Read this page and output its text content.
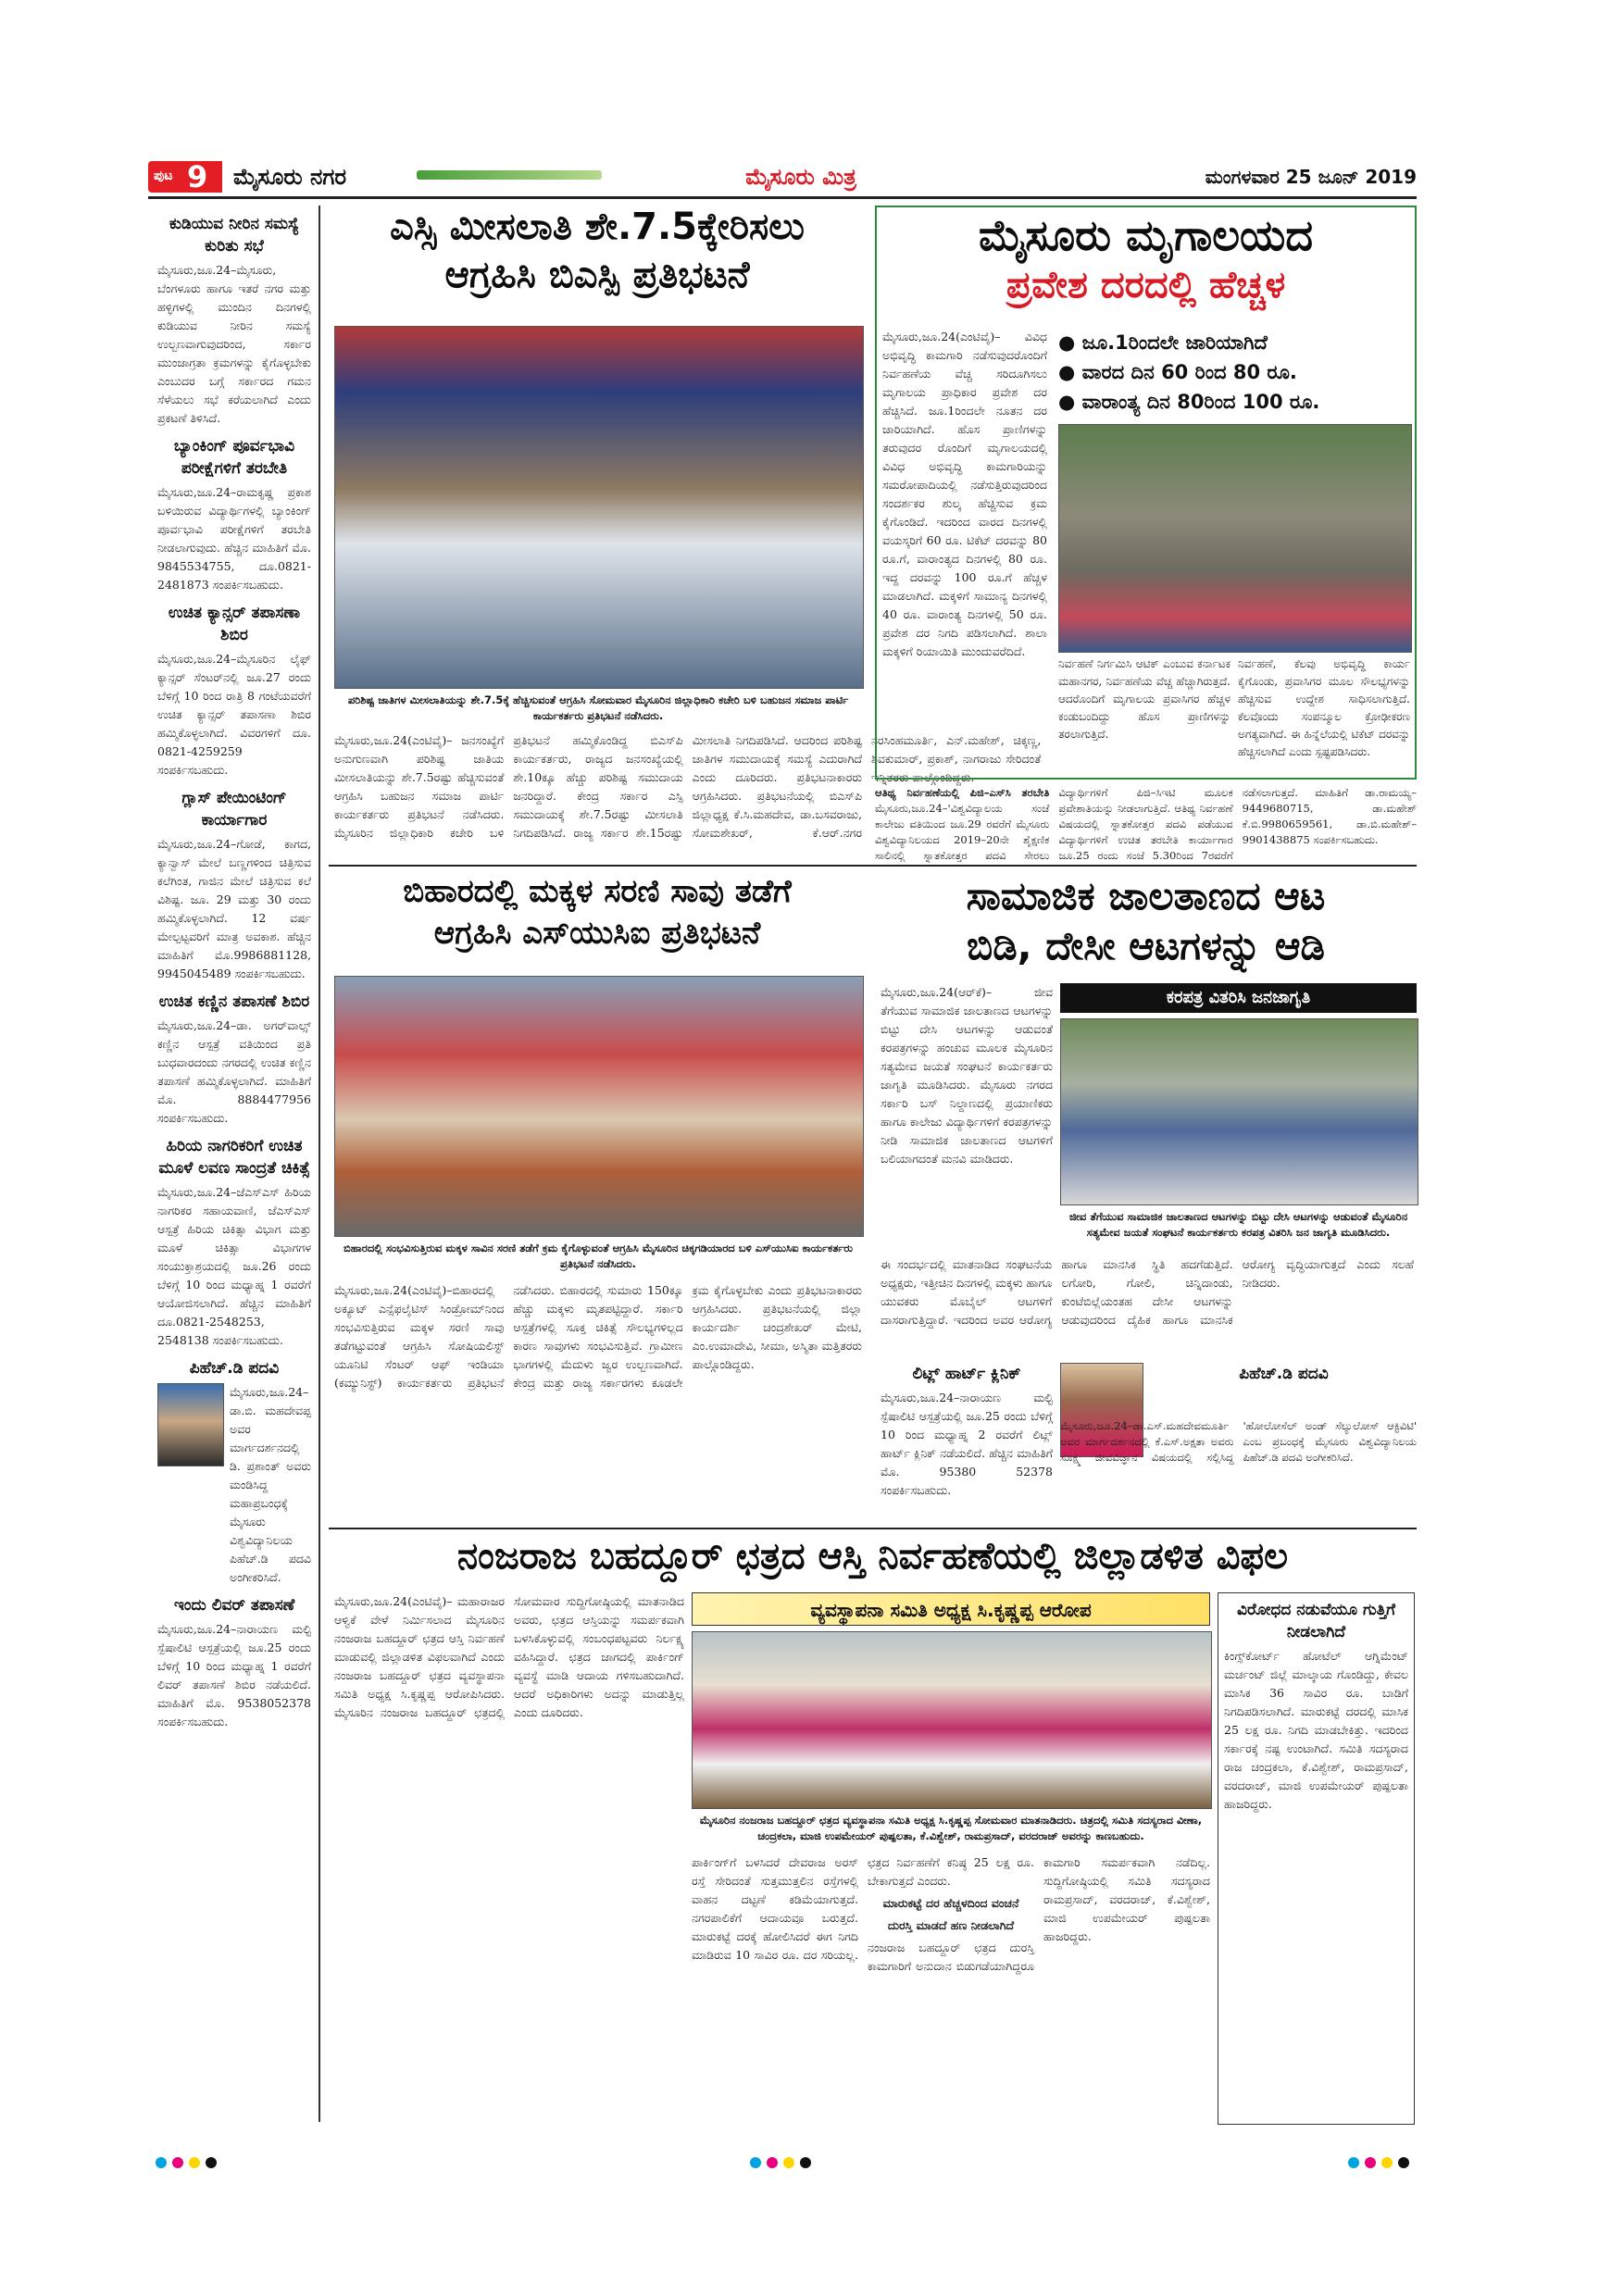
ಪುಟ 9 ಮೈಸೂರು ನಗರ	ಮೈಸೂರು ಮಿತ್ರ	ಮಂಗಳವಾರ 25 ಜೂನ್ 2019
ಕುಡಿಯುವ ನೀರಿನ ಸಮಸ್ಯೆ ಕುರಿತು ಸಭೆ
ಮೈಸೂರು,ಜೂ.24–ಮೈಸೂರು, ಬೆಂಗಳೂರು ಹಾಗೂ ಇತರೆ ನಗರ ಮತ್ತು ಹಳ್ಳಿಗಳಲ್ಲಿ ಮುಂದಿನ ದಿನಗಳಲ್ಲಿ ಕುಡಿಯುವ ನೀರಿನ ಸಮಸ್ಯೆ ಉಲ್ಬಣವಾಗುವುದರಿಂದ, ಸರ್ಕಾರ ಮುಂಜಾಗ್ರತಾ ಕ್ರಮಗಳನ್ನು ಕೈಗೊಳ್ಳಬೇಕು ಎಂಬುದರ ಬಗ್ಗೆ ಸರ್ಕಾರದ ಗಮನ ಸೆಳೆಯಲು ಸಭೆ ಕರೆಯಲಾಗಿದೆ ಎಂದು ಪ್ರಕಟಣೆ ತಿಳಿಸಿದೆ.
ಬ್ಯಾಂಕಿಂಗ್ ಪೂರ್ವಭಾವಿ ಪರೀಕ್ಷೆಗಳಿಗೆ ತರಬೇತಿ
ಮೈಸೂರು,ಜೂ.24–ರಾಮಕೃಷ್ಣ ಪ್ರಕಾಶ ಬಳಿಯಿರುವ ವಿದ್ಯಾರ್ಥಿಗಳಲ್ಲಿ ಬ್ಯಾಂಕಿಂಗ್ ಪೂರ್ವಭಾವಿ ಪರೀಕ್ಷೆಗಳಿಗೆ ತರಬೇತಿ ನೀಡಲಾಗುವುದು. ಹೆಚ್ಚಿನ ಮಾಹಿತಿಗೆ ಮೊ. 9845534755, ದೂ.0821-2481873 ಸಂಪರ್ಕಿಸಬಹುದು.
ಉಚಿತ ಕ್ಯಾನ್ಸರ್ ತಪಾಸಣಾ ಶಿಬಿರ
ಮೈಸೂರು,ಜೂ.24–ಮೈಸೂರಿನ ಲೈಫ್ ಕ್ಯಾನ್ಸರ್ ಸೆಂಟರ್‌ನಲ್ಲಿ ಜೂ.27 ರಂದು ಬೆಳಿಗ್ಗೆ 10 ರಿಂದ ರಾತ್ರಿ 8 ಗಂಟೆಯವರೆಗೆ ಉಚಿತ ಕ್ಯಾನ್ಸರ್ ತಪಾಸಣಾ ಶಿಬಿರ ಹಮ್ಮಿಕೊಳ್ಳಲಾಗಿದೆ. ವಿವರಗಳಿಗೆ ದೂ. 0821-4259259 ಸಂಪರ್ಕಿಸಬಹುದು.
ಗ್ಲಾಸ್ ಪೇಯಿಂಟಿಂಗ್ ಕಾರ್ಯಾಗಾರ
ಮೈಸೂರು,ಜೂ.24–ಗೋಡೆ, ಕಾಗದ, ಕ್ಯಾನ್ವಾಸ್ ಮೇಲೆ ಬಣ್ಣಗಳಿಂದ ಚಿತ್ರಿಸುವ ಕಲೆಗಿಂತ, ಗಾಜಿನ ಮೇಲೆ ಚಿತ್ರಿಸುವ ಕಲೆ ವಿಶಿಷ್ಟ. ಜೂ. 29 ಮತ್ತು 30 ರಂದು ಹಮ್ಮಿಕೊಳ್ಳಲಾಗಿದೆ. 12 ವರ್ಷ ಮೇಲ್ಪಟ್ಟವರಿಗೆ ಮಾತ್ರ ಅವಕಾಶ. ಹೆಚ್ಚಿನ ಮಾಹಿತಿಗೆ ಮೊ.9986881128, 9945045489 ಸಂಪರ್ಕಿಸಬಹುದು.
ಉಚಿತ ಕಣ್ಣಿನ ತಪಾಸಣೆ ಶಿಬಿರ
ಮೈಸೂರು,ಜೂ.24–ಡಾ. ಅಗರ್‌ವಾಲ್ಸ್ ಕಣ್ಣಿನ ಆಸ್ಪತ್ರೆ ವತಿಯಿಂದ ಪ್ರತಿ ಬುಧವಾರದಂದು ನಗರದಲ್ಲಿ ಉಚಿತ ಕಣ್ಣಿನ ತಪಾಸಣೆ ಹಮ್ಮಿಕೊಳ್ಳಲಾಗಿದೆ. ಮಾಹಿತಿಗೆ ಮೊ. 8884477956 ಸಂಪರ್ಕಿಸಬಹುದು.
ಹಿರಿಯ ನಾಗರಿಕರಿಗೆ ಉಚಿತ ಮೂಳೆ ಲವಣ ಸಾಂದ್ರತೆ ಚಿಕಿತ್ಸೆ
ಮೈಸೂರು,ಜೂ.24–ಜೆಎಸ್‌ಎಸ್ ಹಿರಿಯ ನಾಗರಿಕರ ಸಹಾಯವಾಣಿ, ಜೆಎಸ್‌ಎಸ್ ಆಸ್ಪತ್ರೆ ಹಿರಿಯ ಚಿಕಿತ್ಸಾ ವಿಭಾಗ ಮತ್ತು ಮೂಳೆ ಚಿಕಿತ್ಸಾ ವಿಭಾಗಗಳ ಸಂಯುಕ್ತಾಶ್ರಯದಲ್ಲಿ ಜೂ.26 ರಂದು ಬೆಳಿಗ್ಗೆ 10 ರಿಂದ ಮಧ್ಯಾಹ್ನ 1 ರವರೆಗೆ ಆಯೋಜಿಸಲಾಗಿದೆ. ಹೆಚ್ಚಿನ ಮಾಹಿತಿಗೆ ದೂ.0821-2548253, 2548138 ಸಂಪರ್ಕಿಸಬಹುದು.
ಪಿಹೆಚ್.ಡಿ ಪದವಿ
ಮೈಸೂರು,ಜೂ.24–ಡಾ.ಬಿ. ಮಹದೇವಪ್ಪ ಅವರ ಮಾರ್ಗದರ್ಶನದಲ್ಲಿ ಡಿ. ಪ್ರಶಾಂತ್ ಅವರು ಮಂಡಿಸಿದ್ದ ಮಹಾಪ್ರಬಂಧಕ್ಕೆ ಮೈಸೂರು ವಿಶ್ವವಿದ್ಯಾನಿಲಯ ಪಿಹೆಚ್.ಡಿ ಪದವಿ ಅಂಗೀಕರಿಸಿದೆ.
ಇಂದು ಲಿವರ್ ತಪಾಸಣೆ
ಮೈಸೂರು,ಜೂ.24–ನಾರಾಯಣ ಮಲ್ಟಿ ಸ್ಪೆಷಾಲಿಟಿ ಆಸ್ಪತ್ರೆಯಲ್ಲಿ ಜೂ.25 ರಂದು ಬೆಳಿಗ್ಗೆ 10 ರಿಂದ ಮಧ್ಯಾಹ್ನ 1 ರವರೆಗೆ ಲಿವರ್ ತಪಾಸಣೆ ಶಿಬಿರ ನಡೆಯಲಿದೆ. ಮಾಹಿತಿಗೆ ಮೊ. 9538052378 ಸಂಪರ್ಕಿಸಬಹುದು.
ಎಸ್ಸಿ ಮೀಸಲಾತಿ ಶೇ.7.5ಕ್ಕೇರಿಸಲು
ಆಗ್ರಹಿಸಿ ಬಿಎಸ್ಪಿ ಪ್ರತಿಭಟನೆ
ಪರಿಶಿಷ್ಟ ಜಾತಿಗಳ ಮೀಸಲಾತಿಯನ್ನು ಶೇ.7.5ಕ್ಕೆ ಹೆಚ್ಚಿಸುವಂತೆ ಆಗ್ರಹಿಸಿ ಸೋಮವಾರ ಮೈಸೂರಿನ ಜಿಲ್ಲಾಧಿಕಾರಿ ಕಚೇರಿ ಬಳಿ ಬಹುಜನ ಸಮಾಜ ಪಾರ್ಟಿ ಕಾರ್ಯಕರ್ತರು ಪ್ರತಿಭಟನೆ ನಡೆಸಿದರು.
ಮೈಸೂರು,ಜೂ.24(ಎಂಟಿವೈ)– ಜನಸಂಖ್ಯೆಗೆ ಅನುಗುಣವಾಗಿ ಪರಿಶಿಷ್ಟ ಜಾತಿಯ ಮೀಸಲಾತಿಯನ್ನು ಶೇ.7.5ರಷ್ಟು ಹೆಚ್ಚಿಸುವಂತೆ ಆಗ್ರಹಿಸಿ ಬಹುಜನ ಸಮಾಜ ಪಾರ್ಟಿ ಕಾರ್ಯಕರ್ತರು ಪ್ರತಿಭಟನೆ ನಡೆಸಿದರು. ಮೈಸೂರಿನ ಜಿಲ್ಲಾಧಿಕಾರಿ ಕಚೇರಿ ಬಳಿ ಪ್ರತಿಭಟನೆ ಹಮ್ಮಿಕೊಂಡಿದ್ದ ಬಿಎಸ್‌ಪಿ ಕಾರ್ಯಕರ್ತರು, ರಾಜ್ಯದ ಜನಸಂಖ್ಯೆಯಲ್ಲಿ ಶೇ.10ಕ್ಕೂ ಹೆಚ್ಚು ಪರಿಶಿಷ್ಟ ಸಮುದಾಯ ಜನರಿದ್ದಾರೆ. ಕೇಂದ್ರ ಸರ್ಕಾರ ಎಸ್ಸಿ ಸಮುದಾಯಕ್ಕೆ ಶೇ.7.5ರಷ್ಟು ಮೀಸಲಾತಿ ನಿಗದಿಪಡಿಸಿದೆ. ರಾಜ್ಯ ಸರ್ಕಾರ ಶೇ.15ರಷ್ಟು ಮೀಸಲಾತಿ ನಿಗದಿಪಡಿಸಿದೆ. ಆದರಿಂದ ಪರಿಶಿಷ್ಟ ಜಾತಿಗಳ ಸಮುದಾಯಕ್ಕೆ ಸಮಸ್ಯೆ ಎದುರಾಗಿದೆ ಎಂದು ದೂರಿದರು. ಪ್ರತಿಭಟನಾಕಾರರು ಆಗ್ರಹಿಸಿದರು. ಪ್ರತಿಭಟನೆಯಲ್ಲಿ ಬಿಎಸ್‌ಪಿ ಜಿಲ್ಲಾಧ್ಯಕ್ಷ ಕೆ.ಸಿ.ಮಹದೇವ, ಡಾ.ಬಸವರಾಜು, ಸೋಮಶೇಖರ್, ಕೆ.ಆರ್.ನಗರ ನರಸಿಂಹಮೂರ್ತಿ, ಎನ್.ಮಹೇಶ್, ಚಿಕ್ಕಣ್ಣ, ಶಿವಕುಮಾರ್, ಪ್ರಕಾಶ್, ನಾಗರಾಜು ಸೇರಿದಂತೆ ಇನ್ನಿತರರು ಪಾಲ್ಗೊಂಡಿದ್ದರು.
ಮೈಸೂರು ಮೃಗಾಲಯದ
ಪ್ರವೇಶ ದರದಲ್ಲಿ ಹೆಚ್ಚಳ
ಮೈಸೂರು,ಜೂ.24(ಎಂಟಿವೈ)– ವಿವಿಧ ಅಭಿವೃದ್ಧಿ ಕಾಮಗಾರಿ ನಡೆಸುವುದರೊಂದಿಗೆ ನಿರ್ವಹಣೆಯ ವೆಚ್ಚ ಸರಿದೂಗಿಸಲು ಮೃಗಾಲಯ ಪ್ರಾಧಿಕಾರ ಪ್ರವೇಶ ದರ ಹೆಚ್ಚಿಸಿದೆ. ಜೂ.1ರಿಂದಲೇ ನೂತನ ದರ ಜಾರಿಯಾಗಿದೆ. ಹೊಸ ಪ್ರಾಣಿಗಳನ್ನು ತರುವುದರ ರೊಂದಿಗೆ ಮೃಗಾಲಯದಲ್ಲಿ ವಿವಿಧ ಅಭಿವೃದ್ಧಿ ಕಾಮಗಾರಿಯನ್ನು ಸಮರೋಪಾದಿಯಲ್ಲಿ ನಡೆಸುತ್ತಿರುವುದರಿಂದ ಸಂದರ್ಶಕರ ಶುಲ್ಕ ಹೆಚ್ಚಿಸುವ ಕ್ರಮ ಕೈಗೊಂಡಿದೆ. ಇದರಿಂದ ವಾರದ ದಿನಗಳಲ್ಲಿ ವಯಸ್ಕರಿಗೆ 60 ರೂ. ಟಿಕೆಟ್ ದರವನ್ನು 80 ರೂ.ಗೆ, ವಾರಾಂತ್ಯದ ದಿನಗಳಲ್ಲಿ 80 ರೂ. ಇದ್ದ ದರವನ್ನು 100 ರೂ.ಗೆ ಹೆಚ್ಚಳ ಮಾಡಲಾಗಿದೆ. ಮಕ್ಕಳಿಗೆ ಸಾಮಾನ್ಯ ದಿನಗಳಲ್ಲಿ 40 ರೂ. ವಾರಾಂತ್ಯ ದಿನಗಳಲ್ಲಿ 50 ರೂ. ಪ್ರವೇಶ ದರ ನಿಗದಿ ಪಡಿಸಲಾಗಿದೆ. ಶಾಲಾ ಮಕ್ಕಳಿಗೆ ರಿಯಾಯಿತಿ ಮುಂದುವರೆದಿದೆ.
● ಜೂ.1ರಿಂದಲೇ ಜಾರಿಯಾಗಿದೆ
● ವಾರದ ದಿನ 60 ರಿಂದ 80 ರೂ.
● ವಾರಾಂತ್ಯ ದಿನ 80ರಿಂದ 100 ರೂ.
ನಿರ್ವಹಣೆ ನಿರ್ಗಮಿಸಿ ಆಟಿಕ್ ಎಂಬುವ ಕರ್ನಾಟಕ ಮಹಾನಗರ, ನಿರ್ವಹಣೆಯ ವೆಚ್ಚ ಹೆಚ್ಚಾಗಿರುತ್ತದೆ. ಆದರೊಂದಿಗೆ ಮೃಗಾಲಯ ಪ್ರವಾಸಿಗರ ಹೆಚ್ಚಳ ಕಂಡುಬಂದಿದ್ದು ಹೊಸ ಪ್ರಾಣಿಗಳನ್ನು ತರಲಾಗುತ್ತಿದೆ.
ನಿರ್ವಹಣೆ, ಕೆಲವು ಅಭಿವೃದ್ಧಿ ಕಾರ್ಯ ಕೈಗೊಂಡು, ಪ್ರವಾಸಿಗರ ಮೂಲ ಸೌಲಭ್ಯಗಳನ್ನು ಹೆಚ್ಚಿಸುವ ಉದ್ದೇಶ ಸಾಧಿಸಲಾಗುತ್ತಿದೆ. ಕೆಲವೊಂದು ಸಂಪನ್ಮೂಲ ಕ್ರೋಢೀಕರಣ ಅಗತ್ಯವಾಗಿದೆ. ಈ ಹಿನ್ನೆಲೆಯಲ್ಲಿ ಟಿಕೆಟ್ ದರವನ್ನು ಹೆಚ್ಚಿಸಲಾಗಿದೆ ಎಂದು ಸ್ಪಷ್ಟಪಡಿಸಿದರು.
ಆತಿಥ್ಯ ನಿರ್ವಹಣೆಯಲ್ಲಿ ಪಿಜಿ–ಎಸ್‌ಸಿ ತರಬೇತಿ ಮೈಸೂರು,ಜೂ.24–'ವಿಶ್ವವಿದ್ಯಾಲಯ ಸಂಜೆ ಕಾಲೇಜು ವತಿಯಿಂದ ಜೂ.29 ರವರೆಗೆ ಮೈಸೂರು ವಿಶ್ವವಿದ್ಯಾನಿಲಯದ 2019–20ನೇ ಶೈಕ್ಷಣಿಕ ಸಾಲಿನಲ್ಲಿ ಸ್ನಾತಕೋತ್ತರ ಪದವಿ ಸೇರಲು ವಿದ್ಯಾರ್ಥಿಗಳಿಗೆ ಪಿಜಿ–ಸಿಇಟಿ ಮೂಲಕ ಪ್ರವೇಶಾತಿಯನ್ನು ನೀಡಲಾಗುತ್ತಿದೆ. ಆತಿಥ್ಯ ನಿರ್ವಹಣೆ ವಿಷಯದಲ್ಲಿ ಸ್ನಾತಕೋತ್ತರ ಪದವಿ ಪಡೆಯುವ ವಿದ್ಯಾರ್ಥಿಗಳಿಗೆ ಉಚಿತ ತರಬೇತಿ ಕಾರ್ಯಾಗಾರ ಜೂ.25 ರಂದು ಸಂಜೆ 5.30ರಿಂದ 7ರವರೆಗೆ ನಡೆಸಲಾಗುತ್ತದೆ. ಮಾಹಿತಿಗೆ ಡಾ.ರಾಮಯ್ಯ–9449680715, ಡಾ.ಮಹೇಶ್ ಕೆ.ಬಿ.9980659561, ಡಾ.ಬಿ.ಮಹೇಶ್–9901438875 ಸಂಪರ್ಕಿಸಬಹುದು.
ಬಿಹಾರದಲ್ಲಿ ಮಕ್ಕಳ ಸರಣಿ ಸಾವು ತಡೆಗೆ
ಆಗ್ರಹಿಸಿ ಎಸ್‌ಯುಸಿಐ ಪ್ರತಿಭಟನೆ
ಬಿಹಾರದಲ್ಲಿ ಸಂಭವಿಸುತ್ತಿರುವ ಮಕ್ಕಳ ಸಾವಿನ ಸರಣಿ ತಡೆಗೆ ಕ್ರಮ ಕೈಗೊಳ್ಳುವಂತೆ ಆಗ್ರಹಿಸಿ ಮೈಸೂರಿನ ಚಿಕ್ಕಗಡಿಯಾರದ ಬಳಿ ಎಸ್‌ಯುಸಿಐ ಕಾರ್ಯಕರ್ತರು ಪ್ರತಿಭಟನೆ ನಡೆಸಿದರು.
ಮೈಸೂರು,ಜೂ.24(ಎಂಟಿವೈ)–ಬಿಹಾರದಲ್ಲಿ ಅಕ್ಯೂಟ್ ಎನ್ಸೆಫಲೈಟಿಸ್ ಸಿಂಡ್ರೋಮ್‌ನಿಂದ ಸಂಭವಿಸುತ್ತಿರುವ ಮಕ್ಕಳ ಸರಣಿ ಸಾವು ತಡೆಗಟ್ಟುವಂತೆ ಆಗ್ರಹಿಸಿ ಸೋಷಿಯಲಿಸ್ಟ್ ಯೂನಿಟಿ ಸೆಂಟರ್ ಆಫ್ ಇಂಡಿಯಾ (ಕಮ್ಯುನಿಸ್ಟ್) ಕಾರ್ಯಕರ್ತರು ಪ್ರತಿಭಟನೆ ನಡೆಸಿದರು. ಬಿಹಾರದಲ್ಲಿ ಸುಮಾರು 150ಕ್ಕೂ ಹೆಚ್ಚು ಮಕ್ಕಳು ಮೃತಪಟ್ಟಿದ್ದಾರೆ. ಸರ್ಕಾರಿ ಆಸ್ಪತ್ರೆಗಳಲ್ಲಿ ಸೂಕ್ತ ಚಿಕಿತ್ಸೆ ಸೌಲಭ್ಯಗಳಿಲ್ಲದ ಕಾರಣ ಸಾವುಗಳು ಸಂಭವಿಸುತ್ತಿವೆ. ಗ್ರಾಮೀಣ ಭಾಗಗಳಲ್ಲಿ ಮೆದುಳು ಜ್ವರ ಉಲ್ಬಣವಾಗಿದೆ. ಕೇಂದ್ರ ಮತ್ತು ರಾಜ್ಯ ಸರ್ಕಾರಗಳು ಕೂಡಲೇ ಕ್ರಮ ಕೈಗೊಳ್ಳಬೇಕು ಎಂದು ಪ್ರತಿಭಟನಾಕಾರರು ಆಗ್ರಹಿಸಿದರು. ಪ್ರತಿಭಟನೆಯಲ್ಲಿ ಜಿಲ್ಲಾ ಕಾರ್ಯದರ್ಶಿ ಚಂದ್ರಶೇಖರ್ ಮೇಟಿ, ಎಂ.ಉಮಾದೇವಿ, ಸೀಮಾ, ಅಸ್ಮಿತಾ ಮತ್ತಿತರರು ಪಾಲ್ಗೊಂಡಿದ್ದರು.
ಸಾಮಾಜಿಕ ಜಾಲತಾಣದ ಆಟ
ಬಿಡಿ, ದೇಸೀ ಆಟಗಳನ್ನು ಆಡಿ
ಕರಪತ್ರ ವಿತರಿಸಿ ಜನಜಾಗೃತಿ
ಮೈಸೂರು,ಜೂ.24(ಆರ್‌ಕೆ)– ಜೀವ ತೆಗೆಯುವ ಸಾಮಾಜಿಕ ಜಾಲತಾಣದ ಆಟಗಳನ್ನು ಬಿಟ್ಟು ದೇಸಿ ಆಟಗಳನ್ನು ಆಡುವಂತೆ ಕರಪತ್ರಗಳನ್ನು ಹಂಚುವ ಮೂಲಕ ಮೈಸೂರಿನ ಸತ್ಯಮೇವ ಜಯತೆ ಸಂಘಟನೆ ಕಾರ್ಯಕರ್ತರು ಜಾಗೃತಿ ಮೂಡಿಸಿದರು. ಮೈಸೂರು ನಗರದ ಸರ್ಕಾರಿ ಬಸ್ ನಿಲ್ದಾಣದಲ್ಲಿ ಪ್ರಯಾಣಿಕರು ಹಾಗೂ ಕಾಲೇಜು ವಿದ್ಯಾರ್ಥಿಗಳಿಗೆ ಕರಪತ್ರಗಳನ್ನು ನೀಡಿ ಸಾಮಾಜಿಕ ಜಾಲತಾಣದ ಆಟಗಳಿಗೆ ಬಲಿಯಾಗದಂತೆ ಮನವಿ ಮಾಡಿದರು.
ಜೀವ ತೆಗೆಯುವ ಸಾಮಾಜಿಕ ಜಾಲತಾಣದ ಆಟಗಳನ್ನು ಬಿಟ್ಟು ದೇಸಿ ಆಟಗಳನ್ನು ಆಡುವಂತೆ ಮೈಸೂರಿನ ಸತ್ಯಮೇವ ಜಯತೆ ಸಂಘಟನೆ ಕಾರ್ಯಕರ್ತರು ಕರಪತ್ರ ವಿತರಿಸಿ ಜನ ಜಾಗೃತಿ ಮೂಡಿಸಿದರು.
ಈ ಸಂದರ್ಭದಲ್ಲಿ ಮಾತನಾಡಿದ ಸಂಘಟನೆಯ ಅಧ್ಯಕ್ಷರು, ಇತ್ತೀಚಿನ ದಿನಗಳಲ್ಲಿ ಮಕ್ಕಳು ಹಾಗೂ ಯುವಕರು ಮೊಬೈಲ್ ಆಟಗಳಿಗೆ ದಾಸರಾಗುತ್ತಿದ್ದಾರೆ. ಇದರಿಂದ ಅವರ ಆರೋಗ್ಯ ಹಾಗೂ ಮಾನಸಿಕ ಸ್ಥಿತಿ ಹದಗೆಡುತ್ತಿದೆ. ಲಗೋರಿ, ಗೋಲಿ, ಚಿನ್ನಿದಾಂಡು, ಕುಂಟೆಬಿಲ್ಲೆಯಂತಹ ದೇಸೀ ಆಟಗಳನ್ನು ಆಡುವುದರಿಂದ ದೈಹಿಕ ಹಾಗೂ ಮಾನಸಿಕ ಆರೋಗ್ಯ ವೃದ್ಧಿಯಾಗುತ್ತದೆ ಎಂದು ಸಲಹೆ ನೀಡಿದರು.
ಲಿಟ್ಲ್ ಹಾರ್ಟ್ ಕ್ಲಿನಿಕ್
ಮೈಸೂರು,ಜೂ.24–ನಾರಾಯಣ ಮಲ್ಟಿ ಸ್ಪೆಷಾಲಿಟಿ ಆಸ್ಪತ್ರೆಯಲ್ಲಿ ಜೂ.25 ರಂದು ಬೆಳಿಗ್ಗೆ 10 ರಿಂದ ಮಧ್ಯಾಹ್ನ 2 ರವರೆಗೆ ಲಿಟ್ಲ್ ಹಾರ್ಟ್ ಕ್ಲಿನಿಕ್ ನಡೆಯಲಿದೆ. ಹೆಚ್ಚಿನ ಮಾಹಿತಿಗೆ ಮೊ. 95380 52378 ಸಂಪರ್ಕಿಸಬಹುದು.
ಪಿಹೆಚ್.ಡಿ ಪದವಿ
ಮೈಸೂರು,ಜೂ.24–ಡಾ.ಎಸ್.ಮಹದೇವಮೂರ್ತಿ ಅವರ ಮಾರ್ಗದರ್ಶನದಲ್ಲಿ ಕೆ.ಎಸ್.ಅಕ್ಷತಾ ಅವರು ಸೂಕ್ಷ್ಮ ಜೀವವಿಜ್ಞಾನ ವಿಷಯದಲ್ಲಿ ಸಲ್ಲಿಸಿದ್ದ 'ಹೋಲೋಸೆಲ್ ಅಂಡ್ ಸೆಲ್ಯುಲೋಸ್ ಆಕ್ಟಿವಿಟಿ' ಎಂಬ ಪ್ರಬಂಧಕ್ಕೆ ಮೈಸೂರು ವಿಶ್ವವಿದ್ಯಾನಿಲಯ ಪಿಹೆಚ್.ಡಿ ಪದವಿ ಅಂಗೀಕರಿಸಿದೆ.
ನಂಜರಾಜ ಬಹದ್ದೂರ್ ಛತ್ರದ ಆಸ್ತಿ ನಿರ್ವಹಣೆಯಲ್ಲಿ ಜಿಲ್ಲಾಡಳಿತ ವಿಫಲ
ಮೈಸೂರು,ಜೂ.24(ಎಂಟಿವೈ)– ಮಹಾರಾಜರ ಆಳ್ವಿಕೆ ವೇಳೆ ನಿರ್ಮಿಸಲಾದ ಮೈಸೂರಿನ ನಂಜರಾಜ ಬಹದ್ದೂರ್ ಛತ್ರದ ಆಸ್ತಿ ನಿರ್ವಹಣೆ ಮಾಡುವಲ್ಲಿ ಜಿಲ್ಲಾಡಳಿತ ವಿಫಲವಾಗಿದೆ ಎಂದು ನಂಜರಾಜ ಬಹದ್ದೂರ್ ಛತ್ರದ ವ್ಯವಸ್ಥಾಪನಾ ಸಮಿತಿ ಅಧ್ಯಕ್ಷ ಸಿ.ಕೃಷ್ಣಪ್ಪ ಆರೋಪಿಸಿದರು. ಮೈಸೂರಿನ ನಂಜರಾಜ ಬಹದ್ದೂರ್ ಛತ್ರದಲ್ಲಿ ಸೋಮವಾರ ಸುದ್ದಿಗೋಷ್ಠಿಯಲ್ಲಿ ಮಾತನಾಡಿದ ಅವರು, ಛತ್ರದ ಆಸ್ತಿಯನ್ನು ಸಮರ್ಪಕವಾಗಿ ಬಳಸಿಕೊಳ್ಳುವಲ್ಲಿ ಸಂಬಂಧಪಟ್ಟವರು ನಿರ್ಲಕ್ಷ್ಯ ವಹಿಸಿದ್ದಾರೆ. ಛತ್ರದ ಜಾಗದಲ್ಲಿ ಪಾರ್ಕಿಂಗ್ ವ್ಯವಸ್ಥೆ ಮಾಡಿ ಆದಾಯ ಗಳಿಸಬಹುದಾಗಿದೆ. ಆದರೆ ಅಧಿಕಾರಿಗಳು ಅದನ್ನು ಮಾಡುತ್ತಿಲ್ಲ ಎಂದು ದೂರಿದರು.
ವ್ಯವಸ್ಥಾಪನಾ ಸಮಿತಿ ಅಧ್ಯಕ್ಷ ಸಿ.ಕೃಷ್ಣಪ್ಪ ಆರೋಪ
ಮೈಸೂರಿನ ನಂಜರಾಜ ಬಹದ್ದೂರ್ ಛತ್ರದ ವ್ಯವಸ್ಥಾಪನಾ ಸಮಿತಿ ಅಧ್ಯಕ್ಷ ಸಿ.ಕೃಷ್ಣಪ್ಪ ಸೋಮವಾರ ಮಾತನಾಡಿದರು. ಚಿತ್ರದಲ್ಲಿ ಸಮಿತಿ ಸದಸ್ಯರಾದ ವೀಣಾ, ಚಂದ್ರಕಲಾ, ಮಾಜಿ ಉಪಮೇಯರ್ ಪುಷ್ಪಲತಾ, ಕೆ.ವಿಶ್ವೇಶ್, ರಾಮಪ್ರಸಾದ್, ವರದರಾಜ್ ಅವರನ್ನು ಕಾಣಬಹುದು.
ಪಾರ್ಕಿಂಗ್‌ಗೆ ಬಳಸಿದರೆ ದೇವರಾಜ ಅರಸ್ ರಸ್ತೆ ಸೇರಿದಂತೆ ಸುತ್ತಮುತ್ತಲಿನ ರಸ್ತೆಗಳಲ್ಲಿ ವಾಹನ ದಟ್ಟಣೆ ಕಡಿಮೆಯಾಗುತ್ತದೆ. ನಗರಪಾಲಿಕೆಗೆ ಆದಾಯವೂ ಬರುತ್ತದೆ. ಮಾರುಕಟ್ಟೆ ದರಕ್ಕೆ ಹೋಲಿಸಿದರೆ ಈಗ ನಿಗದಿ ಮಾಡಿರುವ 10 ಸಾವಿರ ರೂ. ದರ ಸರಿಯಲ್ಲ. ಛತ್ರದ ನಿರ್ವಹಣೆಗೆ ಕನಿಷ್ಠ 25 ಲಕ್ಷ ರೂ. ಬೇಕಾಗುತ್ತದೆ ಎಂದರು.
ಮಾರುಕಟ್ಟೆ ದರ ಹೆಚ್ಚಳದಿಂದ ವಂಚನೆ
ದುರಸ್ತಿ ಮಾಡದೆ ಹಣ ನೀಡಲಾಗಿದೆ
ನಂಜರಾಜ ಬಹದ್ದೂರ್ ಛತ್ರದ ದುರಸ್ತಿ ಕಾಮಗಾರಿಗೆ ಅನುದಾನ ಬಿಡುಗಡೆಯಾಗಿದ್ದರೂ ಕಾಮಗಾರಿ ಸಮರ್ಪಕವಾಗಿ ನಡೆದಿಲ್ಲ. ಸುದ್ದಿಗೋಷ್ಠಿಯಲ್ಲಿ ಸಮಿತಿ ಸದಸ್ಯರಾದ ರಾಮಪ್ರಸಾದ್, ವರದರಾಜ್, ಕೆ.ವಿಶ್ವೇಶ್, ಮಾಜಿ ಉಪಮೇಯರ್ ಪುಷ್ಪಲತಾ ಹಾಜರಿದ್ದರು.
ವಿರೋಧದ ನಡುವೆಯೂ ಗುತ್ತಿಗೆ ನೀಡಲಾಗಿದೆ
ಕಿಂಗ್ಸ್‌ಕೋರ್ಟ್ ಹೋಟೆಲ್ ಆಗ್ನಿಮೆಂಟ್ ಮರ್ಚಂಟ್ ಜಿಲ್ಲೆ ಮಾಲ್ಕಾಯ ಗೊಂಡಿದ್ದು, ಕೇವಲ ಮಾಸಿಕ 36 ಸಾವಿರ ರೂ. ಬಾಡಿಗೆ ನಿಗದಿಪಡಿಸಲಾಗಿದೆ. ಮಾರುಕಟ್ಟೆ ದರದಲ್ಲಿ ಮಾಸಿಕ 25 ಲಕ್ಷ ರೂ. ನಿಗದಿ ಮಾಡಬೇಕಿತ್ತು. ಇದರಿಂದ ಸರ್ಕಾರಕ್ಕೆ ನಷ್ಟ ಉಂಟಾಗಿದೆ. ಸಮಿತಿ ಸದಸ್ಯರಾದ ರಾಜ ಚಂದ್ರಕಲಾ, ಕೆ.ವಿಶ್ವೇಶ್, ರಾಮಪ್ರಸಾದ್, ವರದರಾಜ್, ಮಾಜಿ ಉಪಮೇಯರ್ ಪುಷ್ಪಲತಾ ಹಾಜರಿದ್ದರು.
